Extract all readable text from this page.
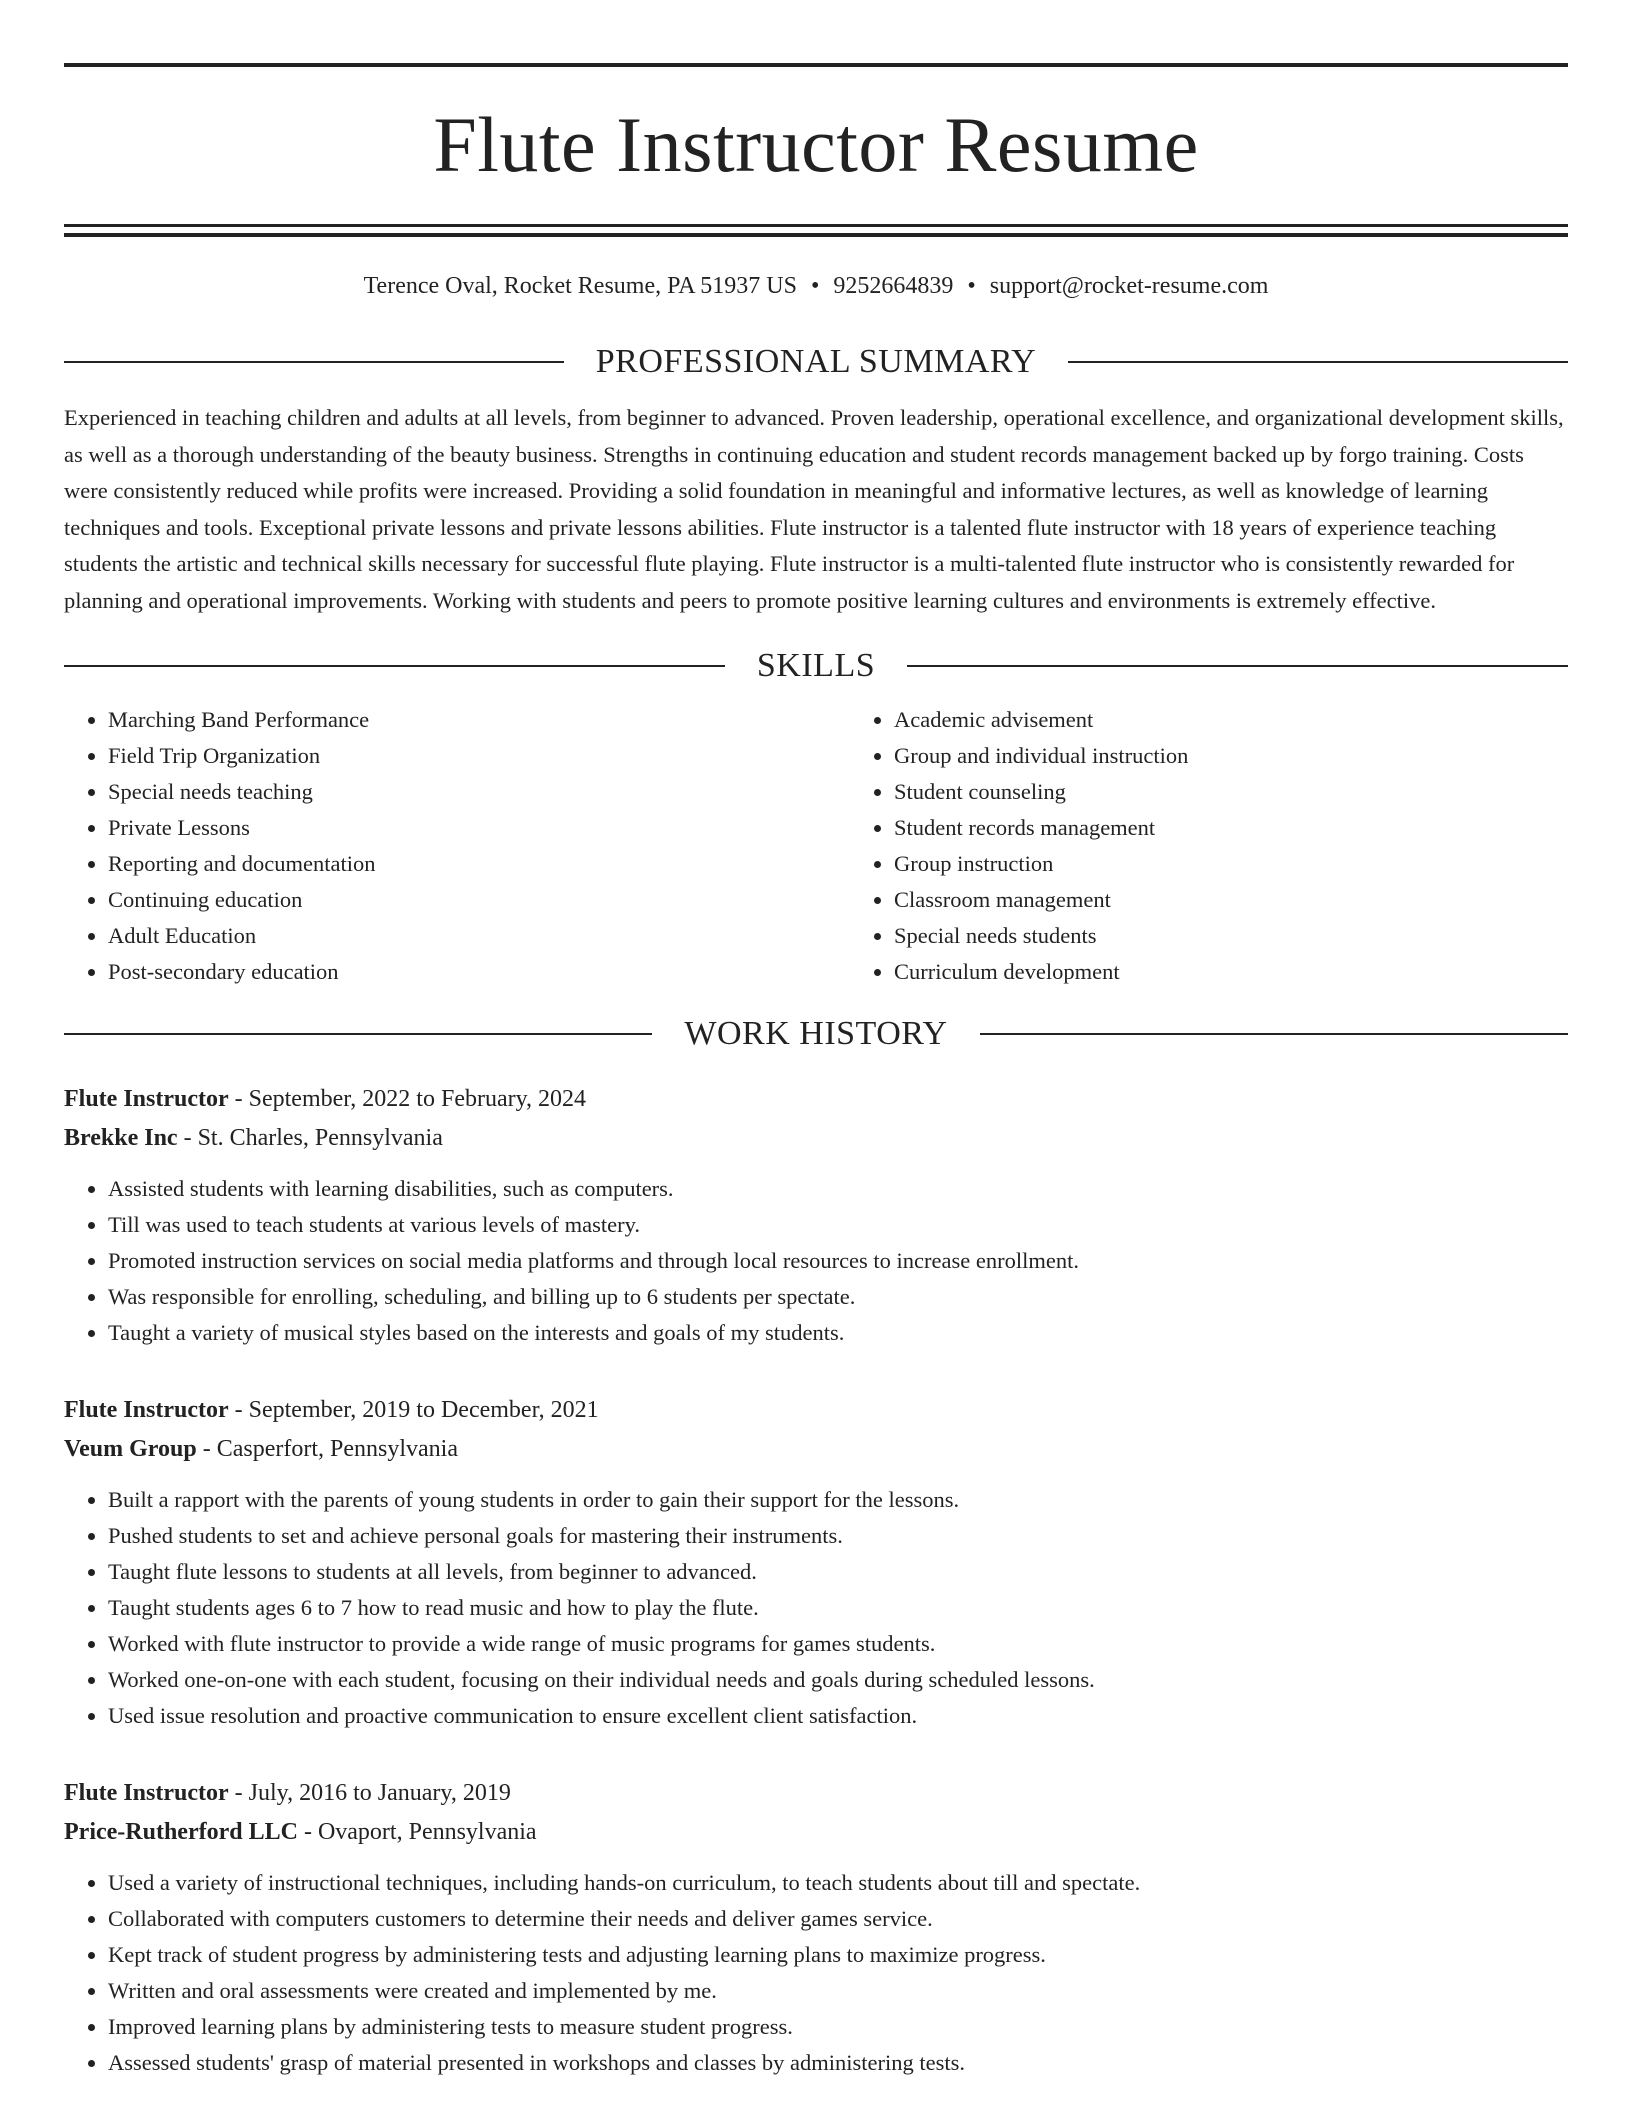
Flute Instructor Resume
Terence Oval, Rocket Resume, PA 51937 US • 9252664839 • support@rocket-resume.com
PROFESSIONAL SUMMARY

Experienced in teaching children and adults at all levels, from beginner to advanced. Proven leadership, operational excellence, and organizational development skills, as well as a thorough understanding of the beauty business. Strengths in continuing education and student records management backed up by forgo training. Costs were consistently reduced while profits were increased. Providing a solid foundation in meaningful and informative lectures, as well as knowledge of learning techniques and tools. Exceptional private lessons and private lessons abilities. Flute instructor is a talented flute instructor with 18 years of experience teaching students the artistic and technical skills necessary for successful flute playing. Flute instructor is a multi-talented flute instructor who is consistently rewarded for planning and operational improvements. Working with students and peers to promote positive learning cultures and environments is extremely effective.

SKILLS
• Marching Band Performance
• Field Trip Organization
• Special needs teaching
• Private Lessons
• Reporting and documentation
• Continuing education
• Adult Education
• Post-secondary education
• Academic advisement
• Group and individual instruction
• Student counseling
• Student records management
• Group instruction
• Classroom management
• Special needs students
• Curriculum development
WORK HISTORY
Flute Instructor - September, 2022 to February, 2024
Brekke Inc - St. Charles, Pennsylvania
• Assisted students with learning disabilities, such as computers.
• Till was used to teach students at various levels of mastery.
• Promoted instruction services on social media platforms and through local resources to increase enrollment.
• Was responsible for enrolling, scheduling, and billing up to 6 students per spectate.
• Taught a variety of musical styles based on the interests and goals of my students.
Flute Instructor - September, 2019 to December, 2021
Veum Group - Casperfort, Pennsylvania
• Built a rapport with the parents of young students in order to gain their support for the lessons.
• Pushed students to set and achieve personal goals for mastering their instruments.
• Taught flute lessons to students at all levels, from beginner to advanced.
• Taught students ages 6 to 7 how to read music and how to play the flute.
• Worked with flute instructor to provide a wide range of music programs for games students.
• Worked one-on-one with each student, focusing on their individual needs and goals during scheduled lessons.
• Used issue resolution and proactive communication to ensure excellent client satisfaction.
Flute Instructor - July, 2016 to January, 2019
Price-Rutherford LLC - Ovaport, Pennsylvania
• Used a variety of instructional techniques, including hands-on curriculum, to teach students about till and spectate.
• Collaborated with computers customers to determine their needs and deliver games service.
• Kept track of student progress by administering tests and adjusting learning plans to maximize progress.
• Written and oral assessments were created and implemented by me.
• Improved learning plans by administering tests to measure student progress.
• Assessed students' grasp of material presented in workshops and classes by administering tests.
